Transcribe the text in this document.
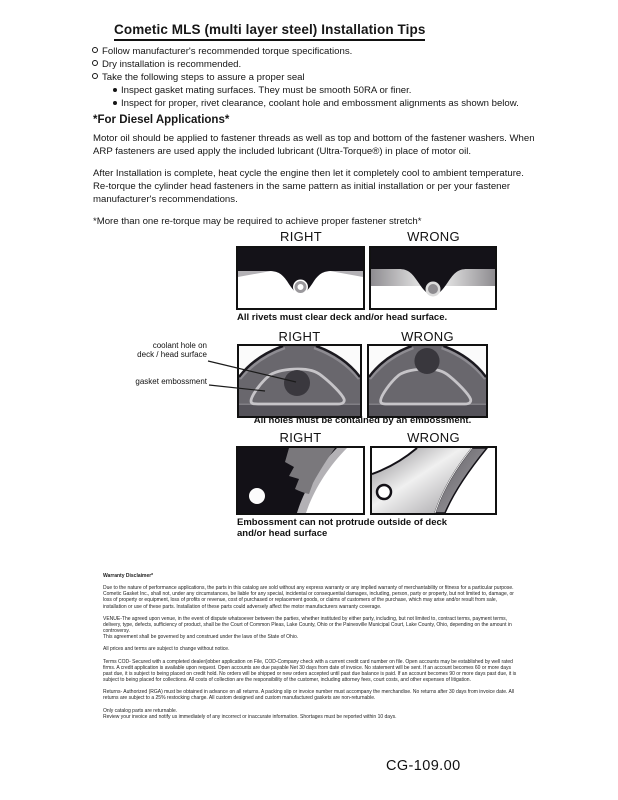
Cometic MLS (multi layer steel) Installation Tips
Follow manufacturer's recommended torque specifications.
Dry installation is recommended.
Take the following steps to assure a proper seal
Inspect gasket mating surfaces. They must be smooth 50RA or finer.
Inspect for proper, rivet clearance, coolant hole and embossment alignments as shown below.
*For Diesel Applications*

Motor oil should be applied to fastener threads as well as top and bottom of the fastener washers. When ARP fasteners are used apply the included lubricant (Ultra-Torque®) in place of motor oil.

After Installation is complete, heat cycle the engine then let it completely cool to ambient temperature. Re-torque the cylinder head fasteners in the same pattern as initial installation or per your fastener manufacturer's recommendations.

*More than one re-torque may be required to achieve proper fastener stretch*

RIGHT	WRONG
All rivets must clear deck and/or head surface.
RIGHT	WRONG
All holes must be contained by an embossment.
coolant hole on
deck / head surface
gasket embossment
RIGHT	WRONG
Embossment can not protrude outside of deck
and/or head surface

Warranty Disclaimer*

Due to the nature of performance applications, the parts in this catalog are sold without any express warranty or any implied warranty of merchantability or fitness for a particular purpose. Cometic Gasket Inc., shall not, under any circumstances, be liable for any special, incidental or consequential damages, including, person, party or property, but not limited to, damage, or loss of property or equipment, loss of profits or revenue, cost of purchased or replacement goods, or claims of customers of the purchase, which may arise and/or result from sale, installation or use of these parts. Installation of these parts could adversely affect the motor manufacturers warranty coverage.

VENUE-The agreed upon venue, in the event of dispute whatsoever between the parties, whether instituted by either party, including, but not limited to, contract terms, payment terms, delivery, type, defects, sufficiency of product, shall be the Court of Common Pleas, Lake County, Ohio or the Painesville Municipal Court, Lake County, Ohio, depending on the amount in controversy.

This agreement shall be governed by and construed under the laws of the State of Ohio.

All prices and terms are subject to change without notice.

Terms COD- Secured with a completed dealer/jobber application on File, COD-Company check with a current credit card number on file. Open accounts may be established by well rated firms. A credit application is available upon request. Open accounts are due payable Net 30 days from date of invoice. No statement will be sent. If an account becomes 60 or more days past due, it is subject to being placed on credit hold. No orders will be shipped or new orders accepted until past due balance is paid. If an account becomes 90 or more days past due, it is subject to being placed for collections. All costs of collection are the responsibility of the customer, including attorney fees, court costs, and other expenses of litigation.

Returns- Authorized (RGA) must be obtained in advance on all returns. A packing slip or invoice number must accompany the merchandise. No returns after 30 days from invoice date. All returns are subject to a 25% restocking charge. All custom designed and custom manufactured gaskets are non-returnable.

Only catalog parts are returnable.

Review your invoice and notify us immediately of any incorrect or inaccurate information. Shortages must be reported within 10 days.

CG-109.00
